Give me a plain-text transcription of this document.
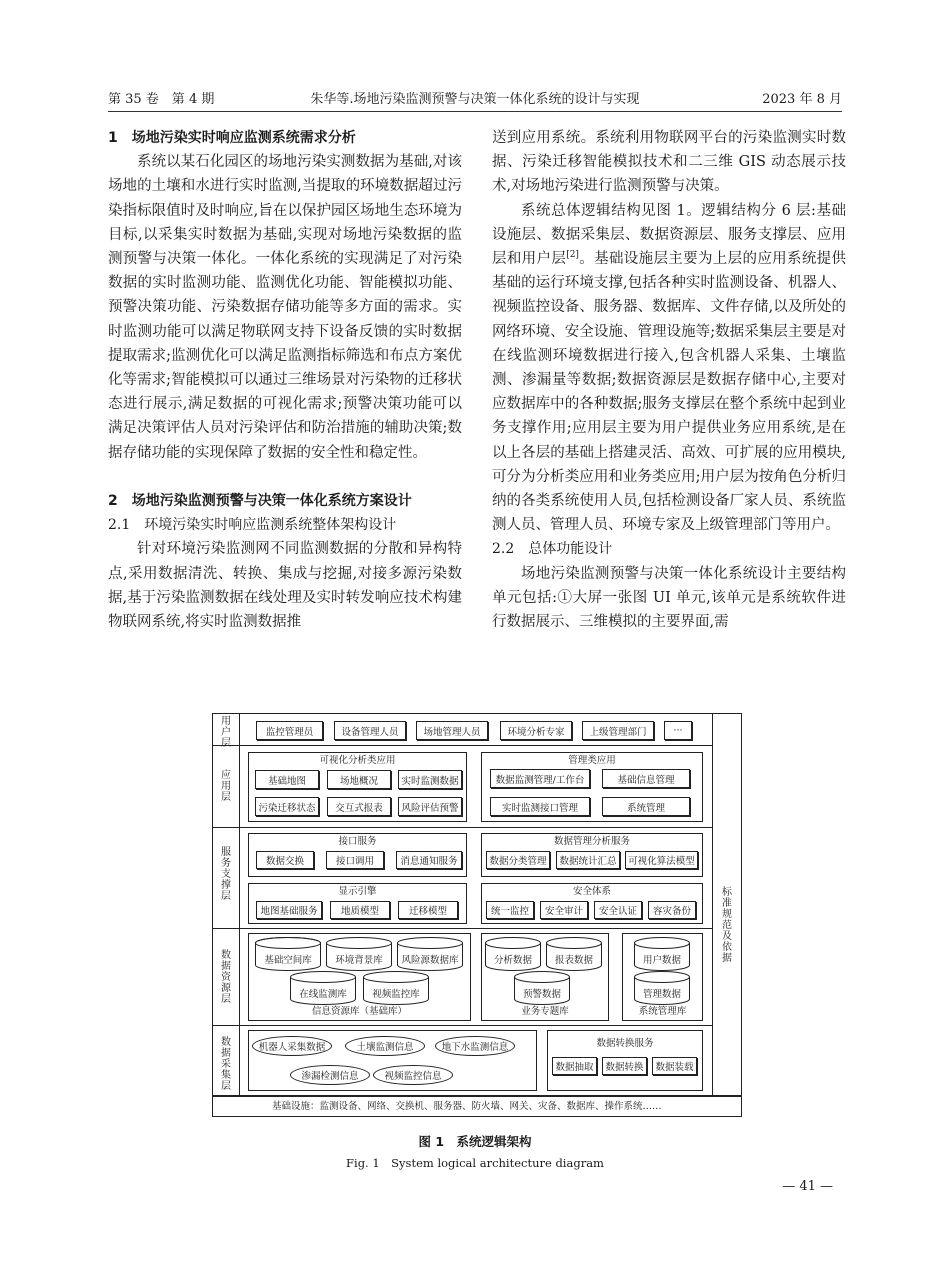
第 35 卷　第 4 期	朱华等.场地污染监测预警与决策一体化系统的设计与实现	2023 年 8 月

1　场地污染实时响应监测系统需求分析

系统以某石化园区的场地污染实测数据为基础,对该场地的土壤和水进行实时监测,当提取的环境数据超过污染指标限值时及时响应,旨在以保护园区场地生态环境为目标,以采集实时数据为基础,实现对场地污染数据的监测预警与决策一体化。一体化系统的实现满足了对污染数据的实时监测功能、监测优化功能、智能模拟功能、预警决策功能、污染数据存储功能等多方面的需求。实时监测功能可以满足物联网支持下设备反馈的实时数据提取需求;监测优化可以满足监测指标筛选和布点方案优化等需求;智能模拟可以通过三维场景对污染物的迁移状态进行展示,满足数据的可视化需求;预警决策功能可以满足决策评估人员对污染评估和防治措施的辅助决策;数据存储功能的实现保障了数据的安全性和稳定性。

2　场地污染监测预警与决策一体化系统方案设计

2.1　环境污染实时响应监测系统整体架构设计

针对环境污染监测网不同监测数据的分散和异构特点,采用数据清洗、转换、集成与挖掘,对接多源污染数据,基于污染监测数据在线处理及实时转发响应技术构建物联网系统,将实时监测数据推

送到应用系统。系统利用物联网平台的污染监测实时数据、污染迁移智能模拟技术和二三维 GIS 动态展示技术,对场地污染进行监测预警与决策。

系统总体逻辑结构见图 1。逻辑结构分 6 层:基础设施层、数据采集层、数据资源层、服务支撑层、应用层和用户层[2]。基础设施层主要为上层的应用系统提供基础的运行环境支撑,包括各种实时监测设备、机器人、视频监控设备、服务器、数据库、文件存储,以及所处的网络环境、安全设施、管理设施等;数据采集层主要是对在线监测环境数据进行接入,包含机器人采集、土壤监测、渗漏量等数据;数据资源层是数据存储中心,主要对应数据库中的各种数据;服务支撑层在整个系统中起到业务支撑作用;应用层主要为用户提供业务应用系统,是在以上各层的基础上搭建灵活、高效、可扩展的应用模块,可分为分析类应用和业务类应用;用户层为按角色分析归纳的各类系统使用人员,包括检测设备厂家人员、系统监测人员、管理人员、环境专家及上级管理部门等用户。

2.2　总体功能设计

场地污染监测预警与决策一体化系统设计主要结构单元包括:①大屏一张图 UI 单元,该单元是系统软件进行数据展示、三维模拟的主要界面,需

用户层
应用层
服务支撑层
数据资源层
数据采集层
标准规范及依据
监控管理员	设备管理人员	场地管理人员	环境分析专家	上级管理部门	···
可视化分析类应用
基础地图	场地概况	实时监测数据
污染迁移状态	交互式报表	风险评估预警
管理类应用
数据监测管理/工作台	基础信息管理
实时监测接口管理	系统管理
接口服务
数据交换	接口调用	消息通知服务
数据管理分析服务
数据分类管理	数据统计汇总	可视化算法模型
显示引擎
地图基础服务	地质模型	迁移模型
安全体系
统一监控	安全审计	安全认证	容灾备份
信息资源库（基础库）
基础空间库	环境背景库	风险源数据库
在线监测库	视频监控库
业务专题库
分析数据	报表数据
预警数据
系统管理库
用户数据
管理数据
机器人采集数据	土壤监测信息	地下水监测信息
渗漏检测信息	视频监控信息
数据转换服务
数据抽取	数据转换	数据装载
基础设施：监测设备、网络、交换机、服务器、防火墙、网关、灾备、数据库、操作系统……
图 1　系统逻辑架构
Fig. 1　System logical architecture diagram
— 41 —
